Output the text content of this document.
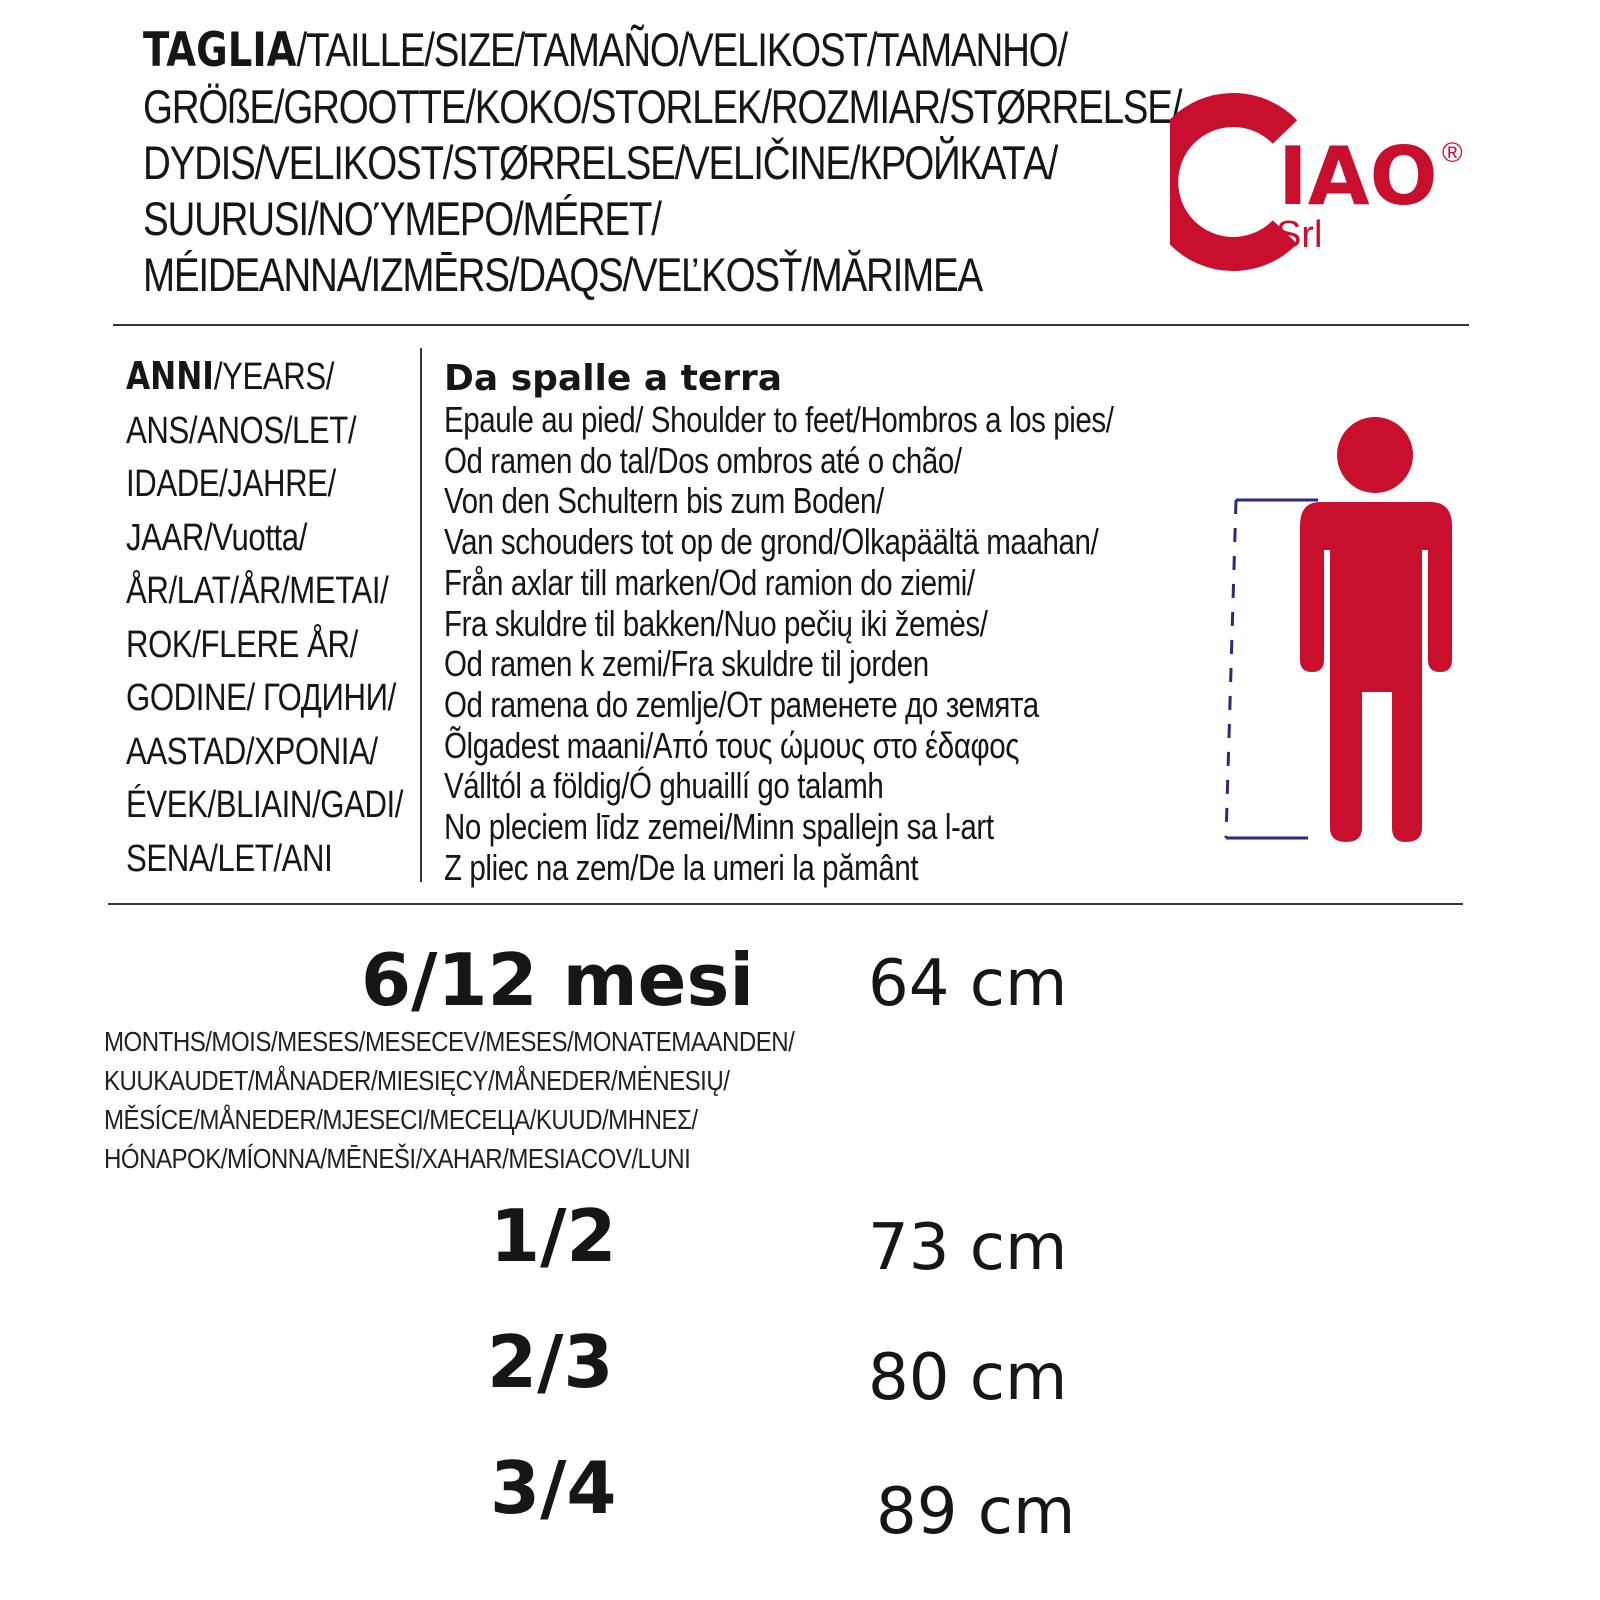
TAGLIA/TAILLE/SIZE/TAMAÑO/VELIKOST/TAMANHO/
GRÖßE/GROOTTE/KOKO/STORLEK/ROZMIAR/STØRRELSE/
DYDIS/VELIKOST/STØRRELSE/VELIČINE/КРОЙКАТА/
SUURUSI/ΝΟΎΜΕΡΟ/MÉRET/
MÉIDEANNA/IZMĒRS/DAQS/VEĽKOSŤ/MĂRIMEA
IAO
Srl
®
ANNI/YEARS/
ANS/ANOS/LET/
IDADE/JAHRE/
JAAR/Vuotta/
ÅR/LAT/ÅR/METAI/
ROK/FLERE ÅR/
GODINE/ ГОДИНИ/
AASTAD/ΧΡΟΝΙΑ/
ÉVEK/BLIAIN/GADI/
SENA/LET/ANI
Da spalle a terra
Epaule au pied/ Shoulder to feet/Hombros a los pies/
Od ramen do tal/Dos ombros até o chão/
Von den Schultern bis zum Boden/
Van schouders tot op de grond/Olkapäältä maahan/
Från axlar till marken/Od ramion do ziemi/
Fra skuldre til bakken/Nuo pečių iki žemės/
Od ramen k zemi/Fra skuldre til jorden
Od ramena do zemlje/От раменете до земята
Õlgadest maani/Από τους ώμους στο έδαφος
Válltól a földig/Ó ghuaillí go talamh
No pleciem līdz zemei/Minn spallejn sa l-art
Z pliec na zem/De la umeri la pământ
6/12 mesi 64 cm
MONTHS/MOIS/MESES/MESECEV/MESES/MONATEMAANDEN/
KUUKAUDET/MÅNADER/MIESIĘCY/MÅNEDER/MĖNESIŲ/
MĚSÍCE/MÅNEDER/MJESECI/МЕСЕЦА/KUUD/ΜΗΝΕΣ/
HÓNAPOK/MÍONNA/MĒNEŠI/XAHAR/MESIACOV/LUNI
1/2	73 cm
2/3	80 cm
3/4	89 cm
